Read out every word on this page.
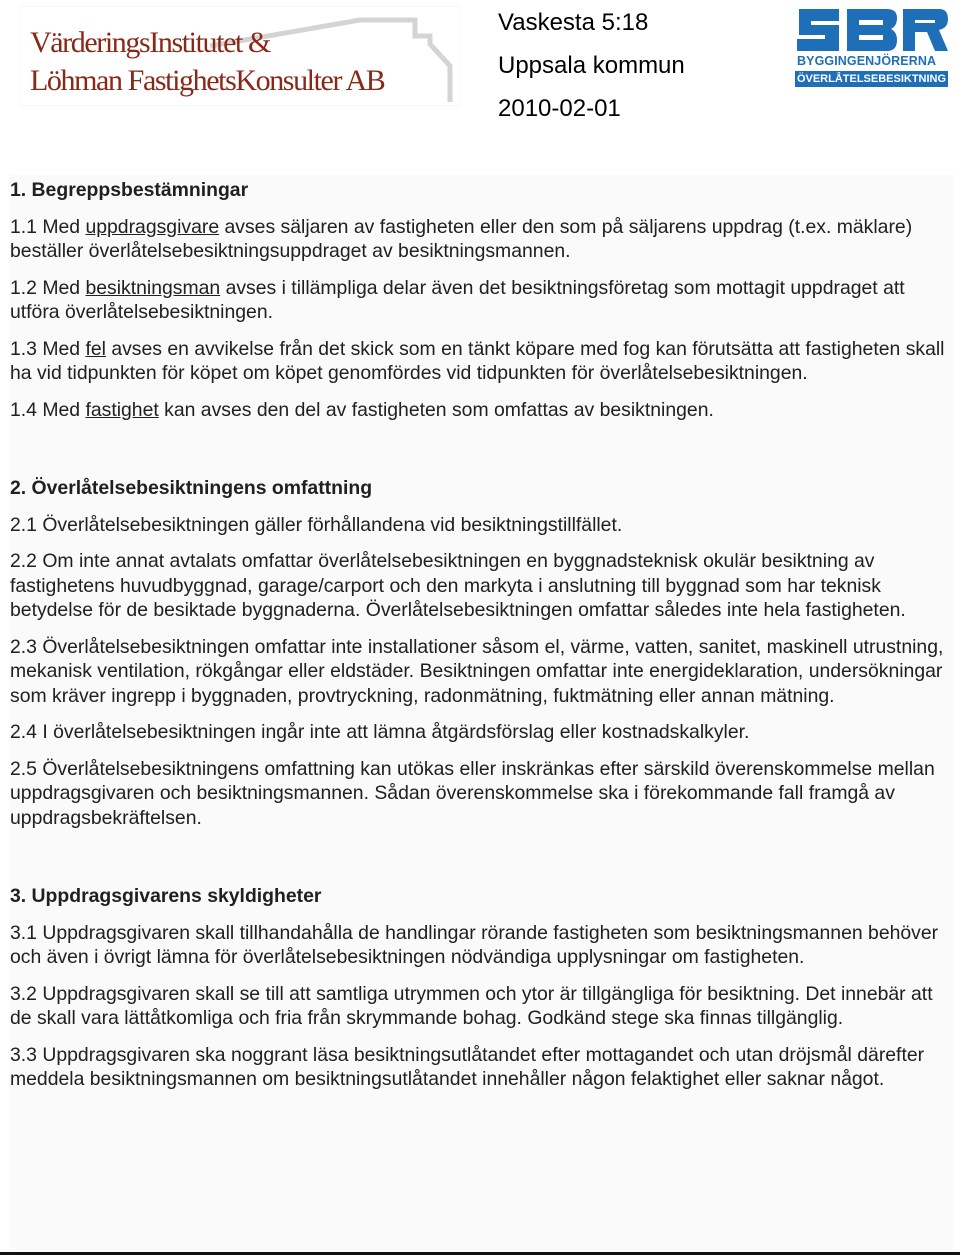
VärderingsInstitutet &
Löhman FastighetsKonsulter AB
Vaskesta 5:18
Uppsala kommun
2010-02-01
BYGGINGENJÖRERNA
ÖVERLÅTELSEBESIKTNING

1. Begreppsbestämningar

1.1 Med uppdragsgivare avses säljaren av fastigheten eller den som på säljarens uppdrag (t.ex. mäklare) beställer överlåtelsebesiktningsuppdraget av besiktningsmannen.

1.2 Med besiktningsman avses i tillämpliga delar även det besiktningsföretag som mottagit uppdraget att utföra överlåtelsebesiktningen.

1.3 Med fel avses en avvikelse från det skick som en tänkt köpare med fog kan förutsätta att fastigheten skall ha vid tidpunkten för köpet om köpet genomfördes vid tidpunkten för överlåtelsebesiktningen.

1.4 Med fastighet kan avses den del av fastigheten som omfattas av besiktningen.

2. Överlåtelsebesiktningens omfattning

2.1 Överlåtelsebesiktningen gäller förhållandena vid besiktningstillfället.

2.2 Om inte annat avtalats omfattar överlåtelsebesiktningen en byggnadsteknisk okulär besiktning av fastighetens huvudbyggnad, garage/carport och den markyta i anslutning till byggnad som har teknisk betydelse för de besiktade byggnaderna. Överlåtelsebesiktningen omfattar således inte hela fastigheten.

2.3 Överlåtelsebesiktningen omfattar inte installationer såsom el, värme, vatten, sanitet, maskinell utrustning, mekanisk ventilation, rökgångar eller eldstäder. Besiktningen omfattar inte energideklaration, undersökningar som kräver ingrepp i byggnaden, provtryckning, radonmätning, fuktmätning eller annan mätning.

2.4 I överlåtelsebesiktningen ingår inte att lämna åtgärdsförslag eller kostnadskalkyler.

2.5 Överlåtelsebesiktningens omfattning kan utökas eller inskränkas efter särskild överenskommelse mellan uppdragsgivaren och besiktningsmannen. Sådan överenskommelse ska i förekommande fall framgå av uppdragsbekräftelsen.

3. Uppdragsgivarens skyldigheter

3.1 Uppdragsgivaren skall tillhandahålla de handlingar rörande fastigheten som besiktningsmannen behöver och även i övrigt lämna för överlåtelsebesiktningen nödvändiga upplysningar om fastigheten.

3.2 Uppdragsgivaren skall se till att samtliga utrymmen och ytor är tillgängliga för besiktning. Det innebär att de skall vara lättåtkomliga och fria från skrymmande bohag. Godkänd stege ska finnas tillgänglig.

3.3 Uppdragsgivaren ska noggrant läsa besiktningsutlåtandet efter mottagandet och utan dröjsmål därefter meddela besiktningsmannen om besiktningsutlåtandet innehåller någon felaktighet eller saknar något.
